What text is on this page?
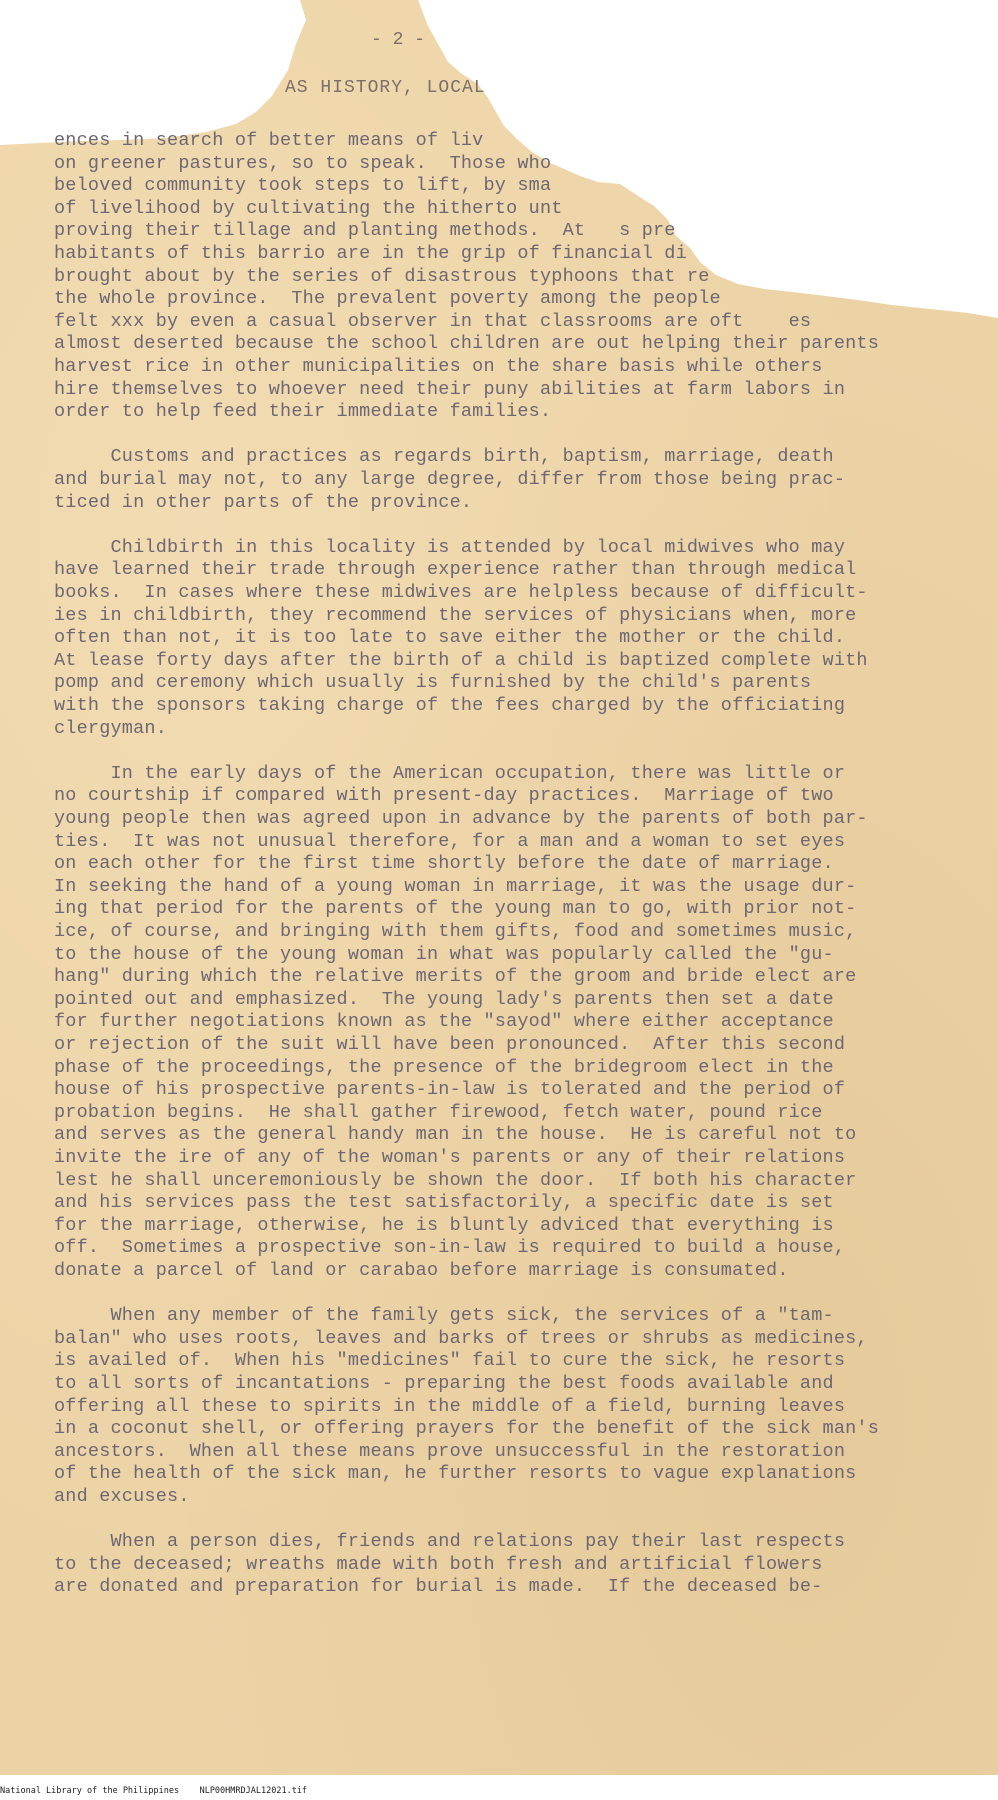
- 2 -
AS HISTORY, LOCAL
ences in search of better means of liv
on greener pastures, so to speak.  Those who
beloved community took steps to lift, by sma
of livelihood by cultivating the hitherto unt
proving their tillage and planting methods.  At   s pre
habitants of this barrio are in the grip of financial di
brought about by the series of disastrous typhoons that re
the whole province.  The prevalent poverty among the people
felt xxx by even a casual observer in that classrooms are oft    es
almost deserted because the school children are out helping their parents
harvest rice in other municipalities on the share basis while others
hire themselves to whoever need their puny abilities at farm labors in
order to help feed their immediate families.
Customs and practices as regards birth, baptism, marriage, death
and burial may not, to any large degree, differ from those being prac-
ticed in other parts of the province.
Childbirth in this locality is attended by local midwives who may
have learned their trade through experience rather than through medical
books.  In cases where these midwives are helpless because of difficult-
ies in childbirth, they recommend the services of physicians when, more
often than not, it is too late to save either the mother or the child.
At lease forty days after the birth of a child is baptized complete with
pomp and ceremony which usually is furnished by the child's parents
with the sponsors taking charge of the fees charged by the officiating
clergyman.
In the early days of the American occupation, there was little or
no courtship if compared with present-day practices.  Marriage of two
young people then was agreed upon in advance by the parents of both par-
ties.  It was not unusual therefore, for a man and a woman to set eyes
on each other for the first time shortly before the date of marriage.
In seeking the hand of a young woman in marriage, it was the usage dur-
ing that period for the parents of the young man to go, with prior not-
ice, of course, and bringing with them gifts, food and sometimes music,
to the house of the young woman in what was popularly called the "gu-
hang" during which the relative merits of the groom and bride elect are
pointed out and emphasized.  The young lady's parents then set a date
for further negotiations known as the "sayod" where either acceptance
or rejection of the suit will have been pronounced.  After this second
phase of the proceedings, the presence of the bridegroom elect in the
house of his prospective parents-in-law is tolerated and the period of
probation begins.  He shall gather firewood, fetch water, pound rice
and serves as the general handy man in the house.  He is careful not to
invite the ire of any of the woman's parents or any of their relations
lest he shall unceremoniously be shown the door.  If both his character
and his services pass the test satisfactorily, a specific date is set
for the marriage, otherwise, he is bluntly adviced that everything is
off.  Sometimes a prospective son-in-law is required to build a house,
donate a parcel of land or carabao before marriage is consumated.
When any member of the family gets sick, the services of a "tam-
balan" who uses roots, leaves and barks of trees or shrubs as medicines,
is availed of.  When his "medicines" fail to cure the sick, he resorts
to all sorts of incantations - preparing the best foods available and
offering all these to spirits in the middle of a field, burning leaves
in a coconut shell, or offering prayers for the benefit of the sick man's
ancestors.  When all these means prove unsuccessful in the restoration
of the health of the sick man, he further resorts to vague explanations
and excuses.
When a person dies, friends and relations pay their last respects
to the deceased; wreaths made with both fresh and artificial flowers
are donated and preparation for burial is made.  If the deceased be-
National Library of the Philippines    NLP00HMRDJAL12021.tif
